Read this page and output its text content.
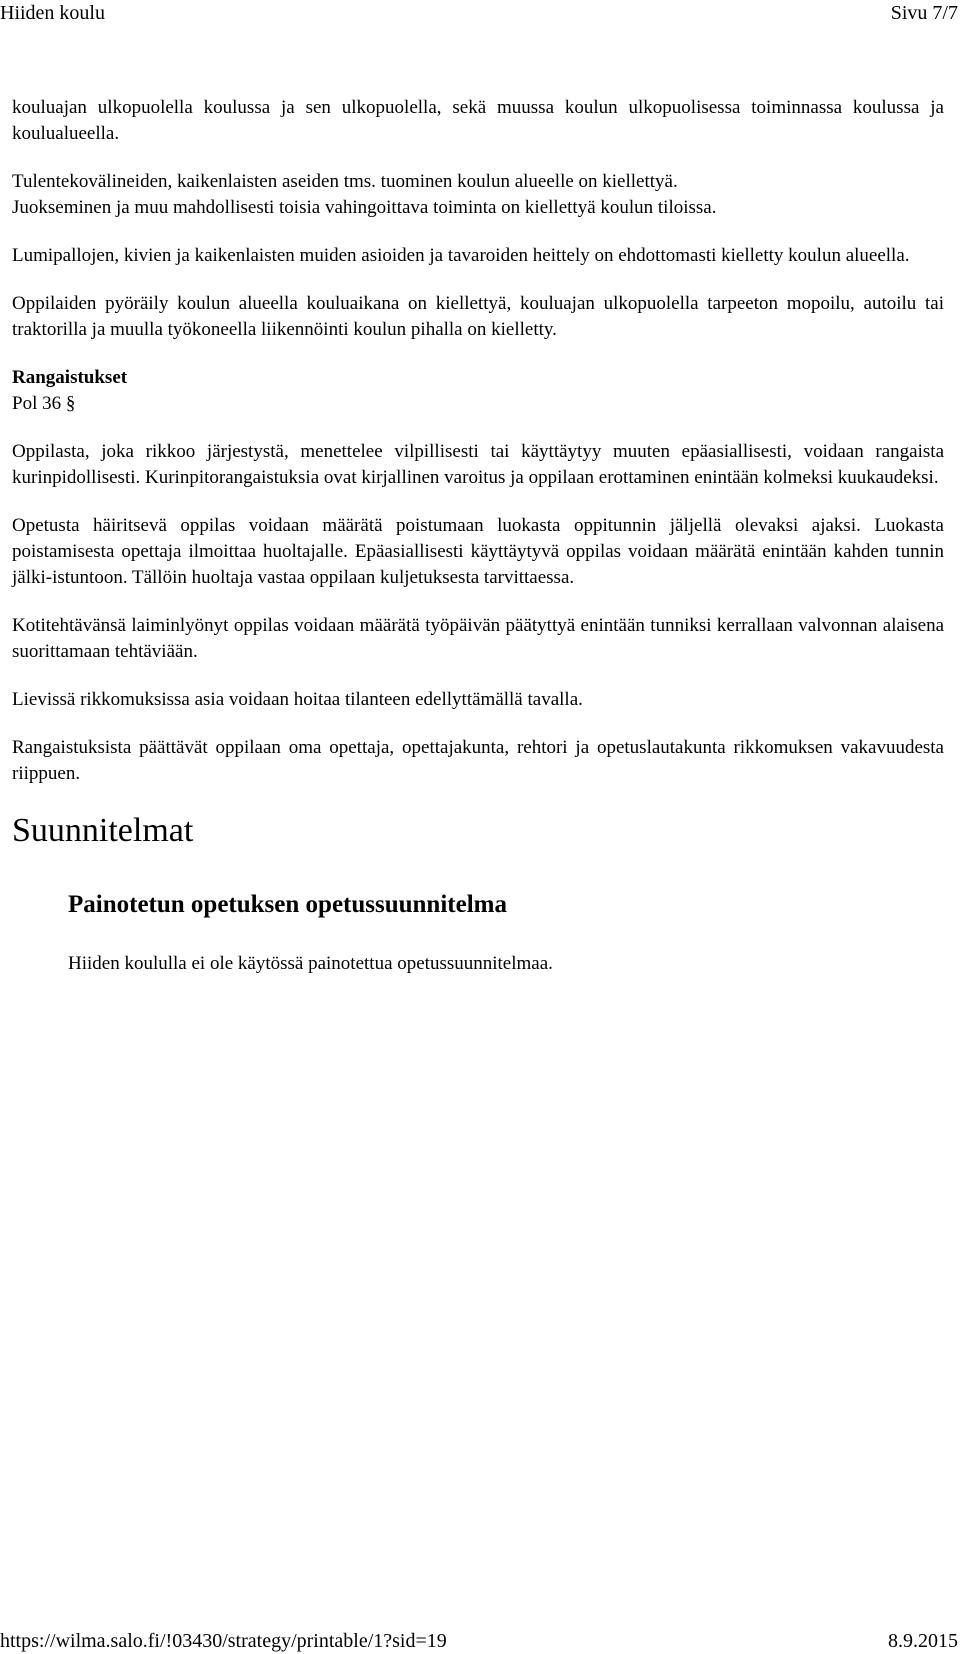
Hiiden koulu	Sivu 7/7

kouluajan ulkopuolella koulussa ja sen ulkopuolella, sekä muussa koulun ulkopuolisessa toiminnassa koulussa ja koulualueella.

Tulentekovälineiden, kaikenlaisten aseiden tms. tuominen koulun alueelle on kiellettyä.

Juokseminen ja muu mahdollisesti toisia vahingoittava toiminta on kiellettyä koulun tiloissa.

Lumipallojen, kivien ja kaikenlaisten muiden asioiden ja tavaroiden heittely on ehdottomasti kielletty koulun alueella.

Oppilaiden pyöräily koulun alueella kouluaikana on kiellettyä, kouluajan ulkopuolella tarpeeton mopoilu, autoilu tai traktorilla ja muulla työkoneella liikennöinti koulun pihalla on kielletty.

Rangaistukset

Pol 36 §

Oppilasta, joka rikkoo järjestystä, menettelee vilpillisesti tai käyttäytyy muuten epäasiallisesti, voidaan rangaista kurinpidollisesti. Kurinpitorangaistuksia ovat kirjallinen varoitus ja oppilaan erottaminen enintään kolmeksi kuukaudeksi.

Opetusta häiritsevä oppilas voidaan määrätä poistumaan luokasta oppitunnin jäljellä olevaksi ajaksi. Luokasta poistamisesta opettaja ilmoittaa huoltajalle. Epäasiallisesti käyttäytyvä oppilas voidaan määrätä enintään kahden tunnin jälki-istuntoon. Tällöin huoltaja vastaa oppilaan kuljetuksesta tarvittaessa.

Kotitehtävänsä laiminlyönyt oppilas voidaan määrätä työpäivän päätyttyä enintään tunniksi kerrallaan valvonnan alaisena suorittamaan tehtäviään.

Lievissä rikkomuksissa asia voidaan hoitaa tilanteen edellyttämällä tavalla.

Rangaistuksista päättävät oppilaan oma opettaja, opettajakunta, rehtori ja opetuslautakunta rikkomuksen vakavuudesta riippuen.

Suunnitelmat
Painotetun opetuksen opetussuunnitelma

Hiiden koululla ei ole käytössä painotettua opetussuunnitelmaa.

https://wilma.salo.fi/!03430/strategy/printable/1?sid=19	8.9.2015
